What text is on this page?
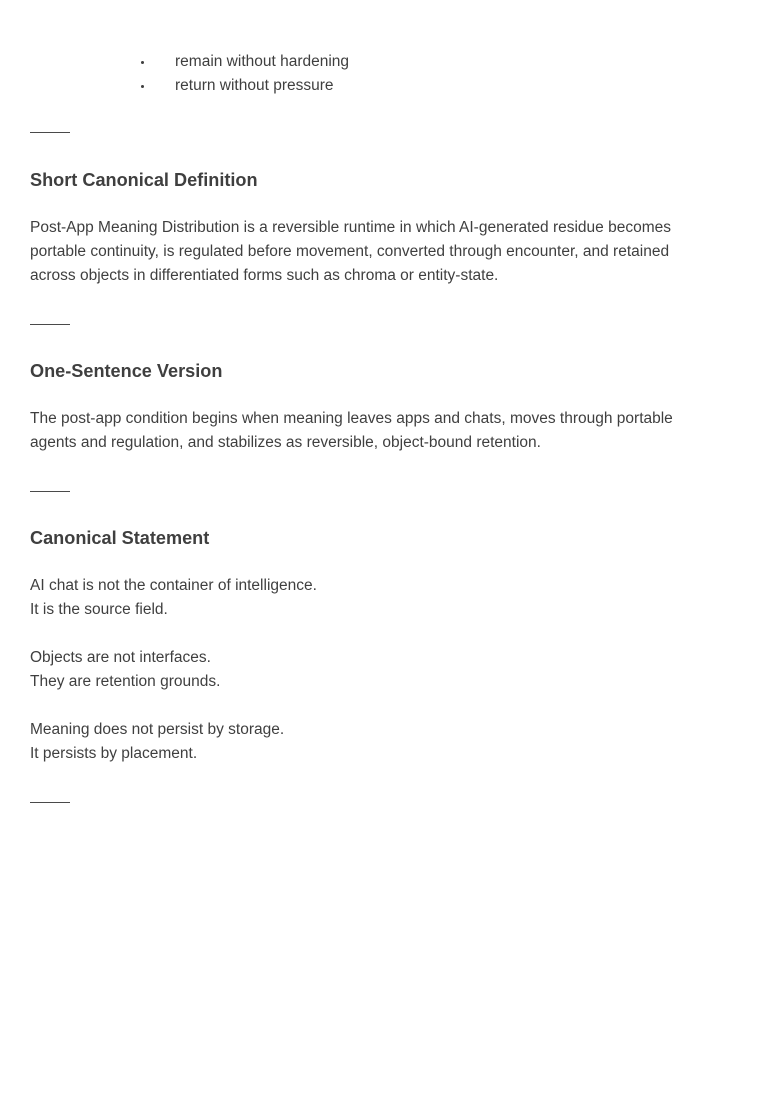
remain without hardening
return without pressure
Short Canonical Definition

Post-App Meaning Distribution is a reversible runtime in which AI-generated residue becomes
portable continuity, is regulated before movement, converted through encounter, and retained
across objects in differentiated forms such as chroma or entity-state.

One-Sentence Version

The post-app condition begins when meaning leaves apps and chats, moves through portable
agents and regulation, and stabilizes as reversible, object-bound retention.

Canonical Statement

AI chat is not the container of intelligence.
It is the source field.

Objects are not interfaces.
They are retention grounds.

Meaning does not persist by storage.
It persists by placement.
